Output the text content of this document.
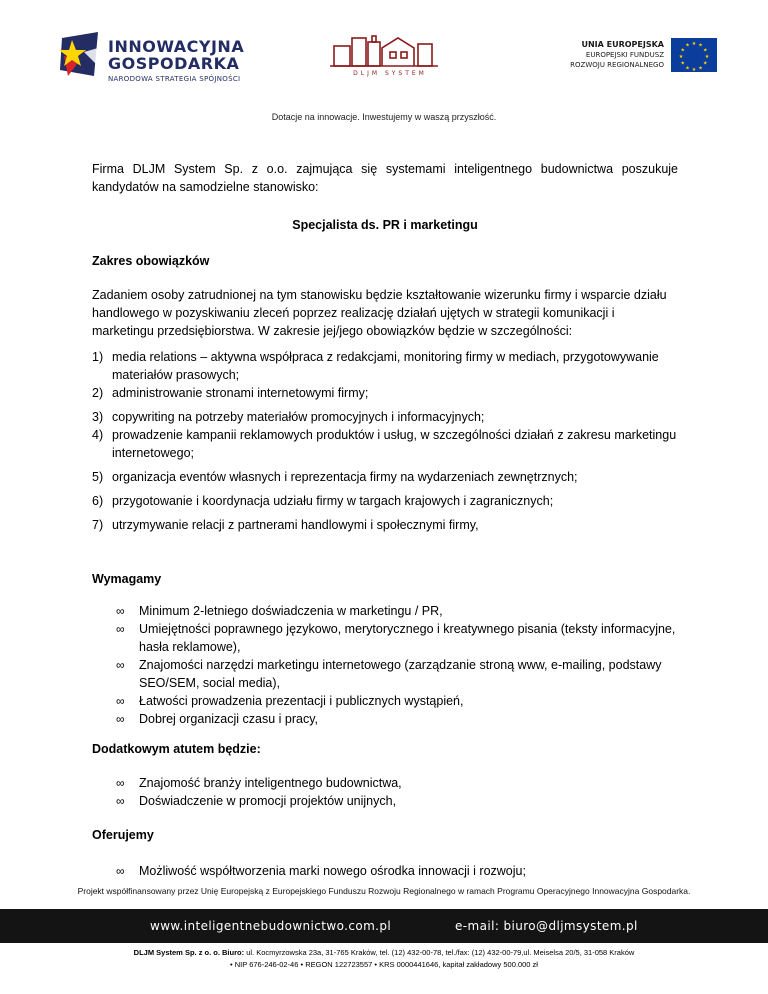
INNOWACYJNA
GOSPODARKA
NARODOWA STRATEGIA SPÓJNOŚCI
DLJM SYSTEM
UNIA EUROPEJSKA
EUROPEJSKI FUNDUSZ
ROZWOJU REGIONALNEGO
★ ★
★
★
★
★
★
★
★
★
★
★
Dotacje na innowacje. Inwestujemy w waszą przyszłość.
Firma DLJM System Sp. z o.o. zajmująca się systemami inteligentnego budownictwa poszukuje kandydatów na samodzielne stanowisko:
Specjalista ds. PR i marketingu
Zakres obowiązków
Zadaniem osoby zatrudnionej na tym stanowisku będzie kształtowanie wizerunku firmy i wsparcie działu handlowego w pozyskiwaniu zleceń poprzez realizację działań ujętych w strategii komunikacji i marketingu przedsiębiorstwa. W zakresie jej/jego obowiązków będzie w szczególności:
1) media relations – aktywna współpraca z redakcjami, monitoring firmy w mediach, przygotowywanie materiałów prasowych;
2) administrowanie stronami internetowymi firmy;
3) copywriting na potrzeby materiałów promocyjnych i informacyjnych;
4) prowadzenie kampanii reklamowych produktów i usług, w szczególności działań z zakresu marketingu internetowego;
5) organizacja eventów własnych i reprezentacja firmy na wydarzeniach zewnętrznych;
6) przygotowanie i koordynacja udziału firmy w targach krajowych i zagranicznych;
7) utrzymywanie relacji z partnerami handlowymi i społecznymi firmy,
Wymagamy
∞ Minimum 2-letniego doświadczenia w marketingu / PR,
∞ Umiejętności poprawnego językowo, merytorycznego i kreatywnego pisania (teksty informacyjne, hasła reklamowe),
∞ Znajomości narzędzi marketingu internetowego (zarządzanie stroną www, e-mailing, podstawy SEO/SEM, social media),
∞ Łatwości prowadzenia prezentacji i publicznych wystąpień,
∞ Dobrej organizacji czasu i pracy,
Dodatkowym atutem będzie:
∞ Znajomość branży inteligentnego budownictwa,
∞ Doświadczenie w promocji projektów unijnych,
Oferujemy
∞ Możliwość współtworzenia marki nowego ośrodka innowacji i rozwoju;
Projekt współfinansowany przez Unię Europejską z Europejskiego Funduszu Rozwoju Regionalnego w ramach Programu Operacyjnego Innowacyjna Gospodarka.
www.inteligentnebudownictwo.com.pl	e-mail: biuro@dljmsystem.pl
DLJM System Sp. z o. o. Biuro: ul. Kocmyrzowska 23a, 31-765 Kraków, tel. (12) 432-00-78, tel./fax: (12) 432-00-79,ul. Meiselsa 20/5, 31-058 Kraków
• NIP 676-246-02-46 • REGON 122723557 • KRS 0000441646, kapitał zakładowy 500.000 zł
